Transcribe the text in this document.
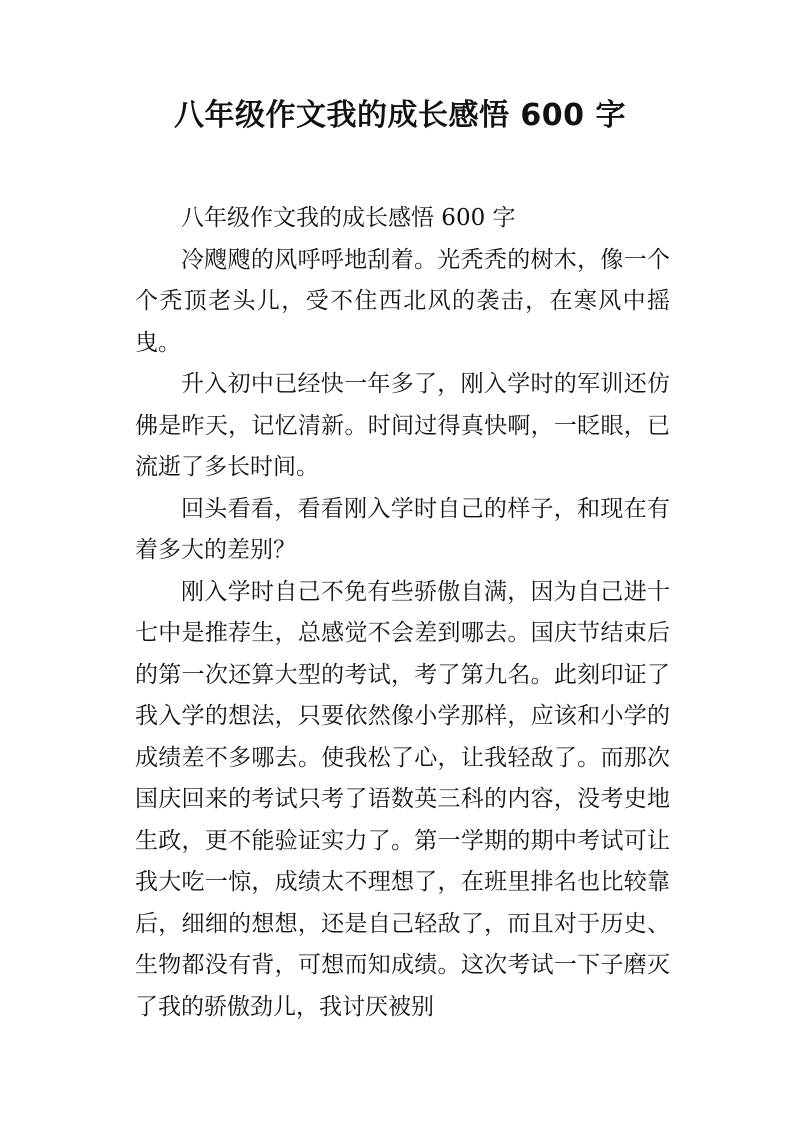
八年级作文我的成长感悟 600 字

八年级作文我的成长感悟 600 字

冷飕飕的风呼呼地刮着。光秃秃的树木，像一个个秃顶老头儿，受不住西北风的袭击，在寒风中摇曳。

升入初中已经快一年多了，刚入学时的军训还仿佛是昨天，记忆清新。时间过得真快啊，一眨眼，已流逝了多长时间。

回头看看，看看刚入学时自己的样子，和现在有着多大的差别？

刚入学时自己不免有些骄傲自满，因为自己进十七中是推荐生，总感觉不会差到哪去。国庆节结束后的第一次还算大型的考试，考了第九名。此刻印证了我入学的想法，只要依然像小学那样，应该和小学的成绩差不多哪去。使我松了心，让我轻敌了。而那次国庆回来的考试只考了语数英三科的内容，没考史地生政，更不能验证实力了。第一学期的期中考试可让我大吃一惊，成绩太不理想了，在班里排名也比较靠后，细细的想想，还是自己轻敌了，而且对于历史、生物都没有背，可想而知成绩。这次考试一下子磨灭了我的骄傲劲儿，我讨厌被别
